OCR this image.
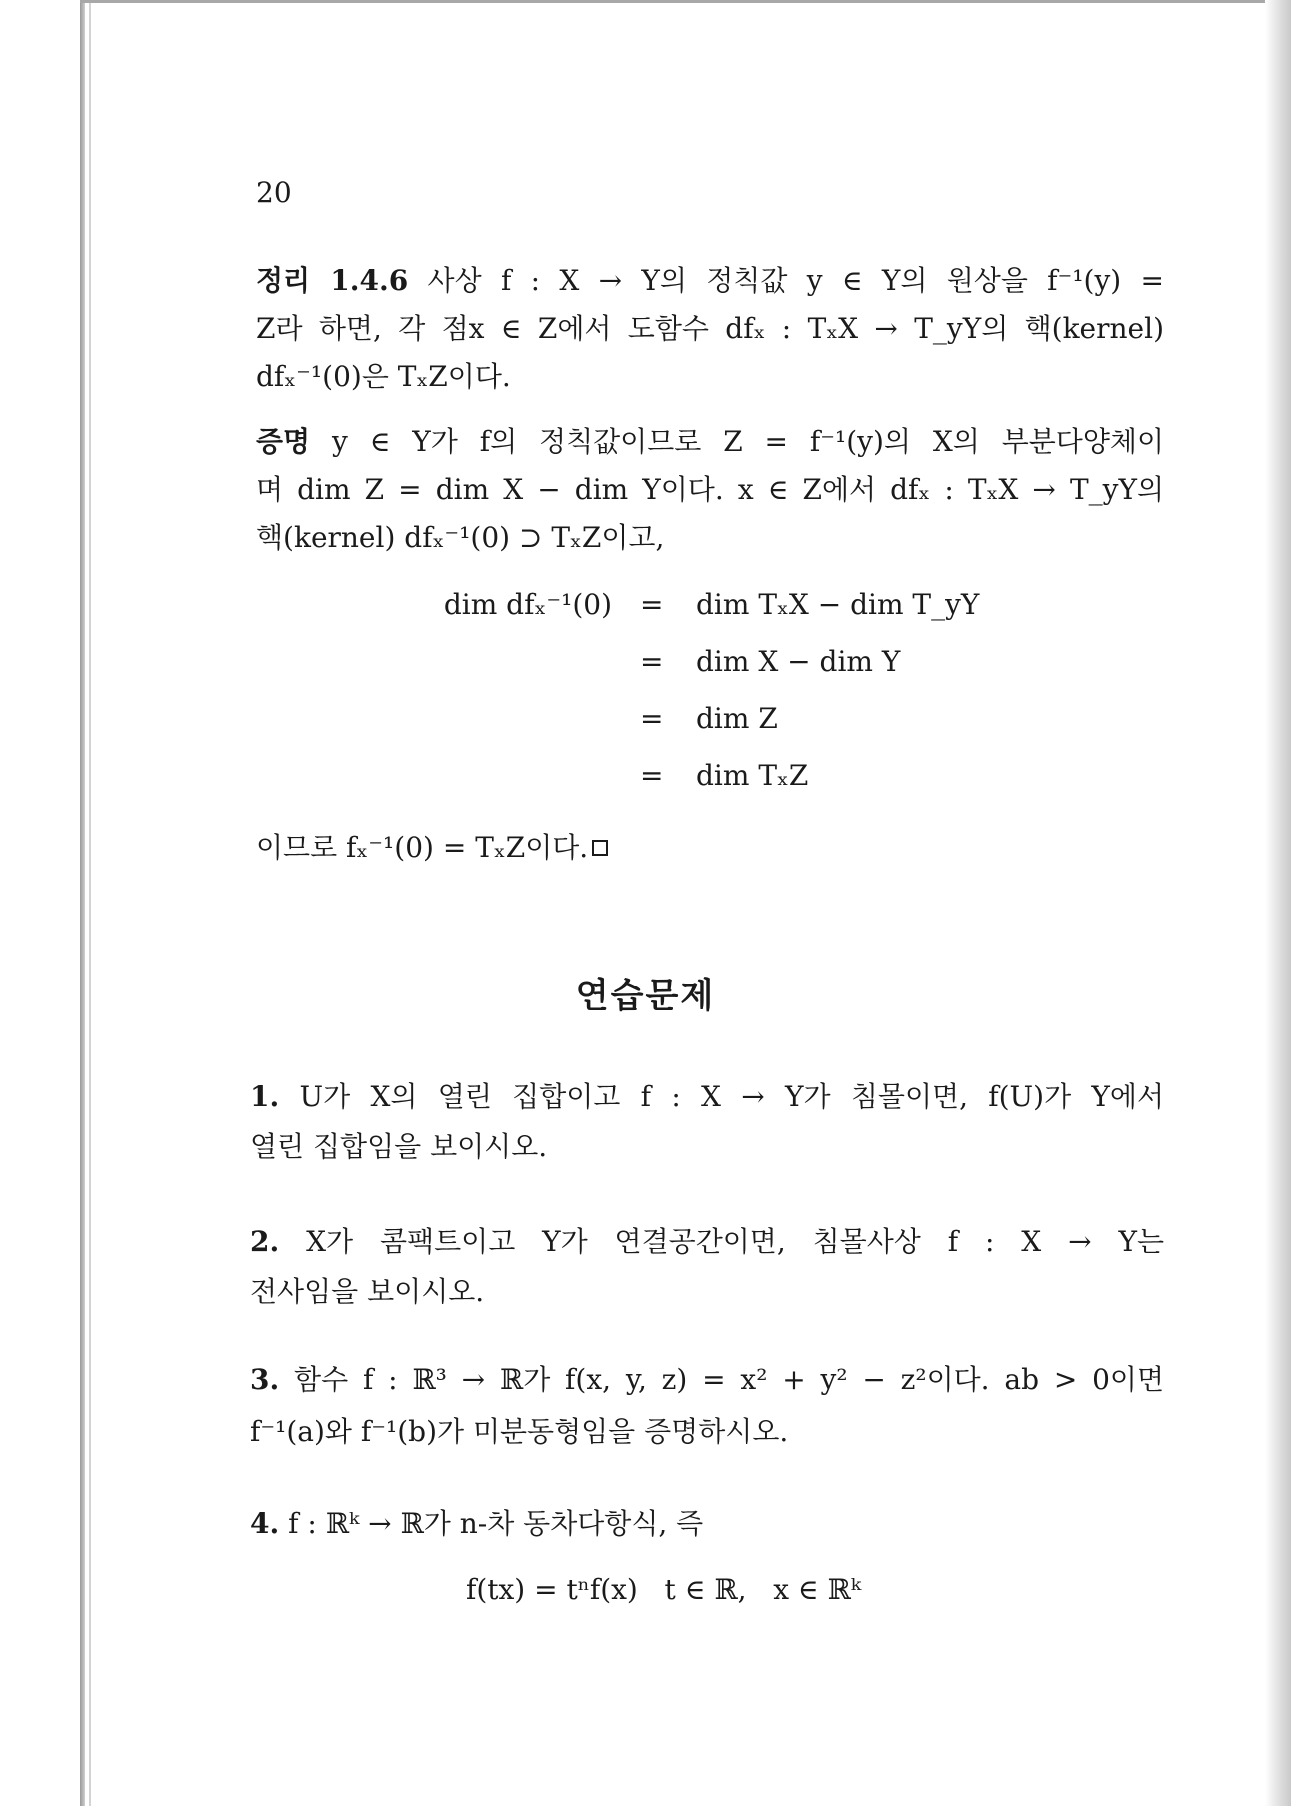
20
정리 1.4.6 사상 f : X → Y의 정칙값 y ∈ Y의 원상을 f⁻¹(y) =
Z라 하면, 각 점x ∈ Z에서 도함수 dfₓ : TₓX → T_yY의 핵(kernel)
dfₓ⁻¹(0)은 TₓZ이다.
증명 y ∈ Y가 f의 정칙값이므로 Z = f⁻¹(y)의 X의 부분다양체이
며 dim Z = dim X − dim Y이다. x ∈ Z에서 dfₓ : TₓX → T_yY의
핵(kernel) dfₓ⁻¹(0) ⊃ TₓZ이고,
dim dfₓ⁻¹(0) = dim TₓX − dim T_yY
= dim X − dim Y
= dim Z
= dim TₓZ
이므로 fₓ⁻¹(0) = TₓZ이다.
연습문제
1. U가 X의 열린 집합이고 f : X → Y가 침몰이면, f(U)가 Y에서
열린 집합임을 보이시오.
2. X가 콤팩트이고 Y가 연결공간이면, 침몰사상 f : X → Y는
전사임을 보이시오.
3. 함수 f : ℝ³ → ℝ가 f(x, y, z) = x² + y² − z²이다. ab > 0이면
f⁻¹(a)와 f⁻¹(b)가 미분동형임을 증명하시오.
4. f : ℝᵏ → ℝ가 n-차 동차다항식, 즉
f(tx) = tⁿf(x)   t ∈ ℝ,   x ∈ ℝᵏ
